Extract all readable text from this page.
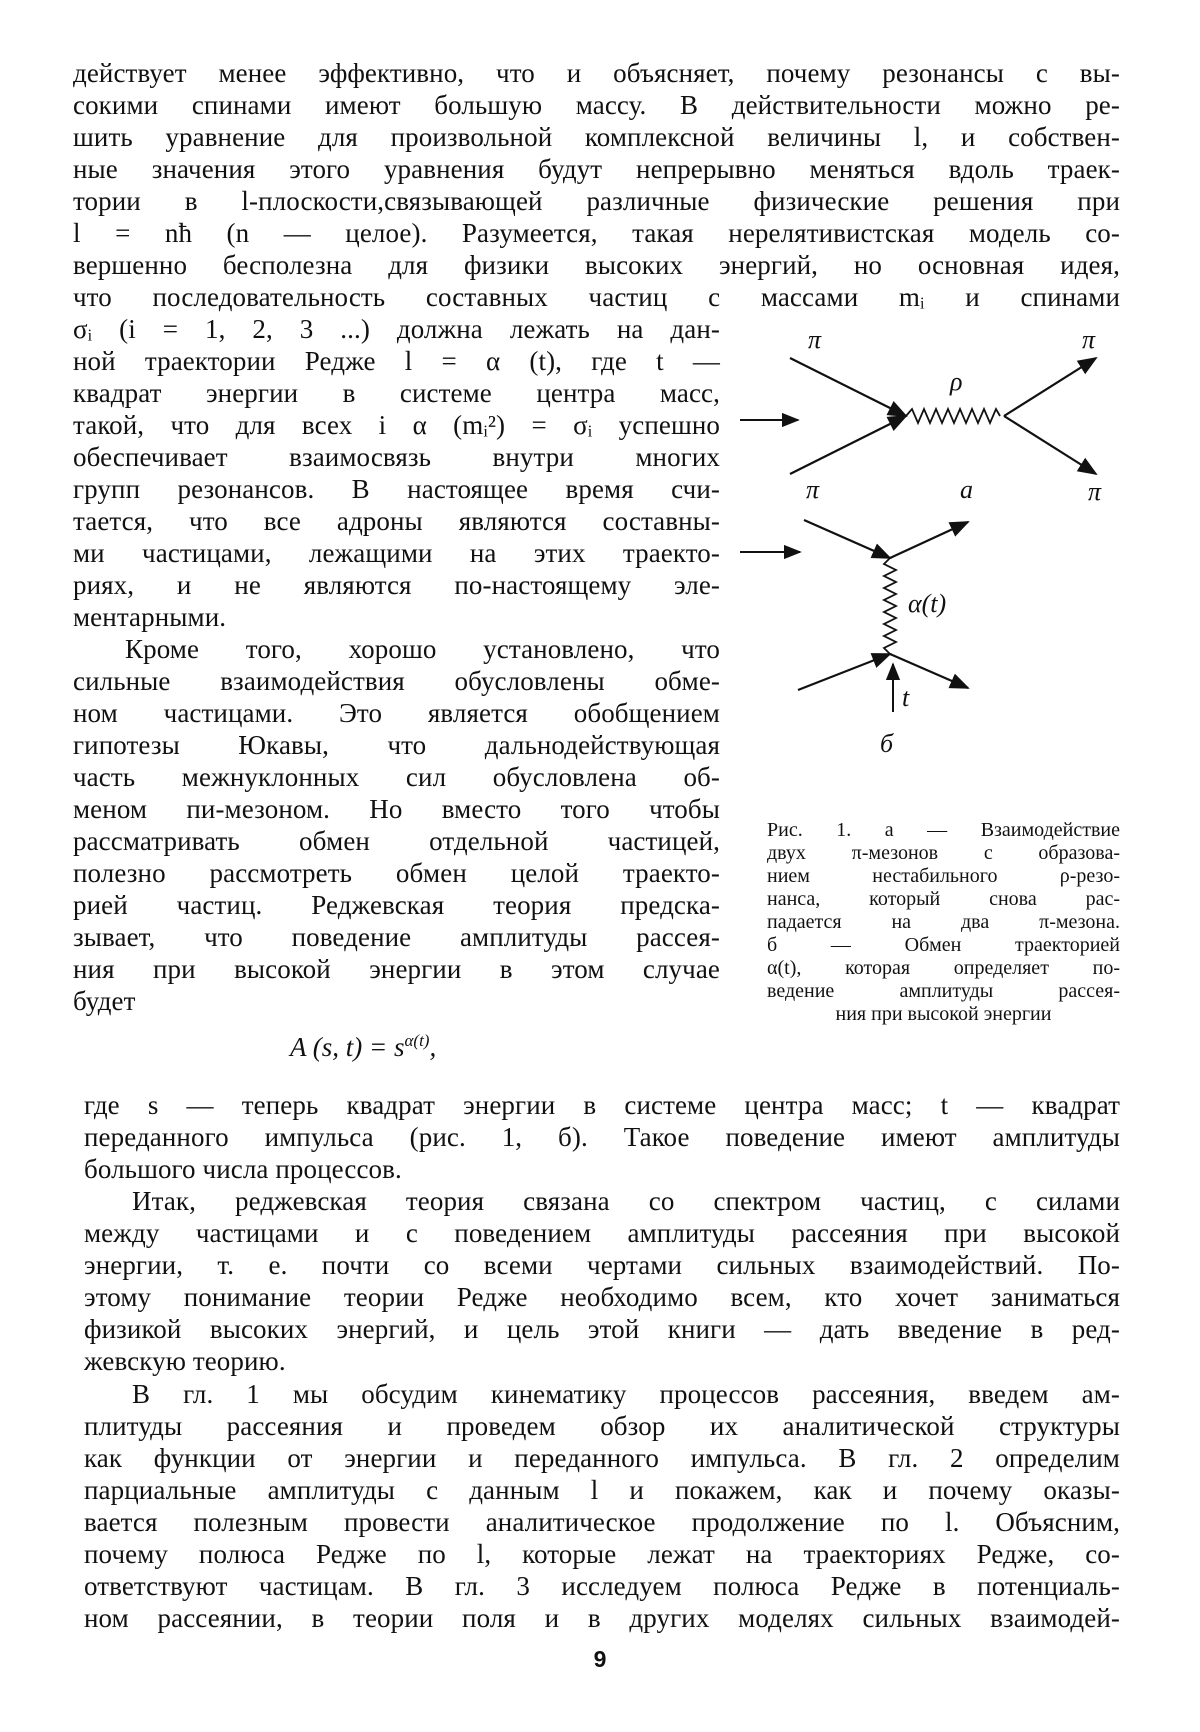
действует менее эффективно, что и объясняет, почему резонансы с вы-
сокими спинами имеют большую массу. В действительности можно ре-
шить уравнение для произвольной комплексной величины l, и собствен-
ные значения этого уравнения будут непрерывно меняться вдоль траек-
тории в l-плоскости,связывающей различные физические решения при
l = nħ (n — целое). Разумеется, такая нерелятивистская модель со-
вершенно бесполезна для физики высоких энергий, но основная идея,
что последовательность составных частиц с массами mᵢ и спинами
σᵢ (i = 1, 2, 3 ...) должна лежать на дан-
ной траектории Редже l = α (t), где t —
квадрат энергии в системе центра масс,
такой, что для всех i α (mᵢ²) = σᵢ успешно
обеспечивает взаимосвязь внутри многих
групп резонансов. В настоящее время счи-
тается, что все адроны являются составны-
ми частицами, лежащими на этих траекто-
риях, и не являются по-настоящему эле-
ментарными.
Кроме того, хорошо установлено, что
сильные взаимодействия обусловлены обме-
ном частицами. Это является обобщением
гипотезы Юкавы, что дальнодействующая
часть межнуклонных сил обусловлена об-
меном пи-мезоном. Но вместо того чтобы
рассматривать обмен отдельной частицей,
полезно рассмотреть обмен целой траекто-
рией частиц. Редже­вская теория предска-
зывает, что поведение амплитуды рассея-
ния при высокой энергии в этом случае
будет
где s — теперь квадрат энергии в системе центра масс; t — квадрат
переданного импульса (рис. 1, б). Такое поведение имеют амплитуды
большого числа процессов.
Итак, реджевская теория связана со спектром частиц, с силами
между частицами и с поведением амплитуды рассеяния при высокой
энергии, т. е. почти со всеми чертами сильных взаимодействий. По-
этому понимание теории Редже необходимо всем, кто хочет заниматься
физикой высоких энергий, и цель этой книги — дать введение в ред-
жевскую теорию.
В гл. 1 мы обсудим кинематику процессов рассеяния, введем ам-
плитуды рассеяния и проведем обзор их аналитической структуры
как функции от энергии и переданного импульса. В гл. 2 определим
парциальные амплитуды с данным l и покажем, как и почему оказы-
вается полезным провести аналитическое продолжение по l. Объясним,
почему полюса Редже по l, которые лежат на траекториях Редже, со-
ответствуют частицам. В гл. 3 исследуем полюса Редже в потенциаль-
ном рассеянии, в теории поля и в других моделях сильных взаимодей-
A (s, t) = sα(t),
π	π
ρ
π	а	π
α(t)
t
б
Рис. 1. а — Взаимодействие
двух π-мезонов с образова-
нием нестабильного ρ-резо-
нанса, который снова рас-
падается на два π-мезона.
б — Обмен траекторией
α(t), которая определяет по-
ведение амплитуды рассея-
ния при высокой энергии
9
